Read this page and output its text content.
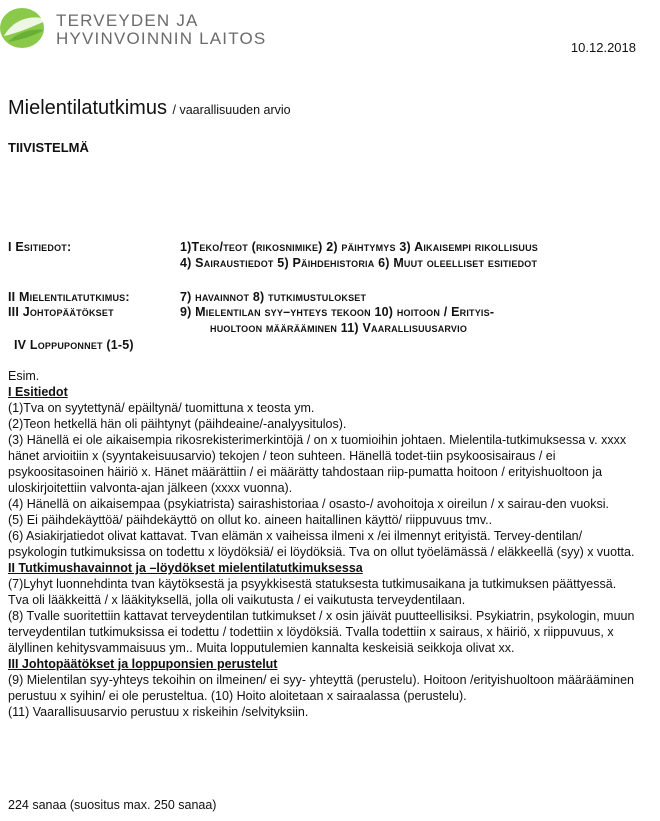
TERVEYDEN JA
HYVINVOINNIN LAITOS	10.12.2018
Mielentilatutkimus / vaarallisuuden arvio
TIIVISTELMÄ
I Esitiedot:	1)Teko/teot (rikosnimike) 2) päihtymys 3) Aikaisempi rikollisuus
4) Sairaustiedot 5) Päihdehistoria 6) Muut oleelliset esitiedot
II Mielentilatutkimus:	7) havainnot 8) tutkimustulokset
III Johtopäätökset	9) Mielentilan syy–yhteys tekoon 10) hoitoon / Erityis-
huoltoon määrääminen 11) Vaarallisuusarvio
IV Loppuponnet (1-5)

Esim.

I Esitiedot

(1)Tva on syytettynä/ epäiltynä/ tuomittuna x teosta ym.

(2)Teon hetkellä hän oli päihtynyt (päihdeaine/-analyysitulos).

(3) Hänellä ei ole aikaisempia rikosrekisterimerkintöjä / on x tuomioihin johtaen. Mielentila-tutkimuksessa v. xxxx hänet arvioitiin x (syyntakeisuusarvio) tekojen / teon suhteen. Hänellä todet-tiin psykoosisairaus / ei psykoositasoinen häiriö x. Hänet määrättiin / ei määrätty tahdostaan riip-pumatta hoitoon / erityishuoltoon ja uloskirjoitettiin valvonta-ajan jälkeen (xxxx vuonna).

(4) Hänellä on aikaisempaa (psykiatrista) sairashistoriaa / osasto-/ avohoitoja x oireilun / x sairau-den vuoksi.

(5) Ei päihdekäyttöä/ päihdekäyttö on ollut ko. aineen haitallinen käyttö/ riippuvuus tmv..

(6) Asiakirjatiedot olivat kattavat. Tvan elämän x vaiheissa ilmeni x /ei ilmennyt erityistä. Tervey-dentilan/ psykologin tutkimuksissa on todettu x löydöksiä/ ei löydöksiä. Tva on ollut työelämässä / eläkkeellä (syy) x vuotta.

II Tutkimushavainnot ja –löydökset mielentilatutkimuksessa

(7)Lyhyt luonnehdinta tvan käytöksestä ja psyykkisestä statuksesta tutkimusaikana ja tutkimuksen päättyessä. Tva oli lääkkeittä / x lääkityksellä, jolla oli vaikutusta / ei vaikutusta terveydentilaan.

(8) Tvalle suoritettiin kattavat terveydentilan tutkimukset / x osin jäivät puutteellisiksi. Psykiatrin, psykologin, muun terveydentilan tutkimuksissa ei todettu / todettiin x löydöksiä. Tvalla todettiin x sairaus, x häiriö, x riippuvuus, x älyllinen kehitysvammaisuus ym.. Muita lopputulemien kannalta keskeisiä seikkoja olivat xx.

III Johtopäätökset ja loppuponsien perustelut

(9) Mielentilan syy-yhteys tekoihin on ilmeinen/ ei syy- yhteyttä (perustelu). Hoitoon /erityishuoltoon määrääminen perustuu x syihin/ ei ole perusteltua. (10) Hoito aloitetaan x sairaalassa (perustelu).

(11) Vaarallisuusarvio perustuu x riskeihin /selvityksiin.

224 sanaa (suositus max. 250 sanaa)
